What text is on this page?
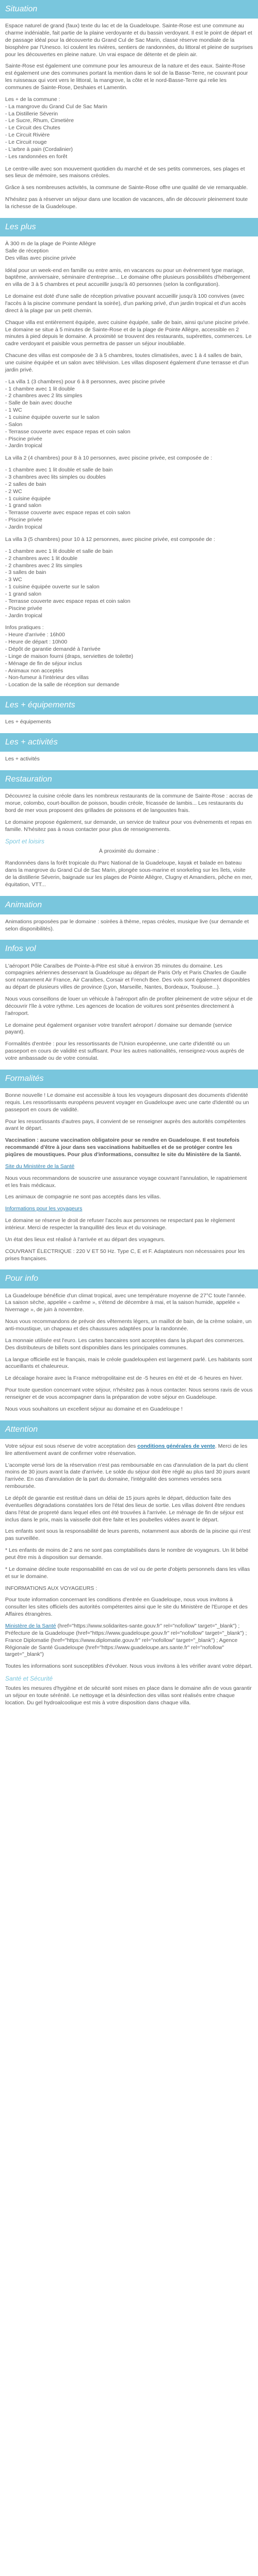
Situation

Espace naturel de grand (faux) texte du lac et de la Guadeloupe. Sainte-Rose est une commune au charme indéniable, fait partie de la plaine verdoyante et du bassin verdoyant. Il est le point de départ et de passage idéal pour la découverte du Grand Cul de Sac Marin, classé réserve mondiale de la biosphère par l'Unesco. Ici coulent les rivières, sentiers de randonnées, du littoral et pleine de surprises pour les découvertes en pleine nature. Un vrai espace de détente et de plein air.

Sainte-Rose est également une commune pour les amoureux de la nature et des eaux. Sainte-Rose est également une des communes portant la mention dans le sol de la Basse-Terre, ne couvrant pour les ruisseaux qui vont vers le littoral, la mangrove, la côte et le nord-Basse-Terre qui relie les communes de Sainte-Rose, Deshaies et Lamentin.

Les + de la commune :
- La mangrove du Grand Cul de Sac Marin
- La Distillerie Séverin
- Le Sucre, Rhum, Cimetière
- Le Circuit des Chutes
- Le Circuit Rivière
- Le Circuit rouge
- L'arbre à pain (Cordalinier)
- Les randonnées en forêt

Le centre-ville avec son mouvement quotidien du marché et de ses petits commerces, ses plages et ses lieux de mémoire, ses maisons créoles.

Grâce à ses nombreuses activités, la commune de Sainte-Rose offre une qualité de vie remarquable.

N'hésitez pas à réserver un séjour dans une location de vacances, afin de découvrir pleinement toute la richesse de la Guadeloupe.

Les plus
À 300 m de la plage de Pointe Allègre
Salle de réception
Des villas avec piscine privée

Idéal pour un week-end en famille ou entre amis, en vacances ou pour un évènement type mariage, baptême, anniversaire, séminaire d'entreprise... Le domaine offre plusieurs possibilités d'hébergement en villa de 3 à 5 chambres et peut accueillir jusqu'à 40 personnes (selon la configuration).

Le domaine est doté d'une salle de réception privative pouvant accueillir jusqu'à 100 convives (avec l'accès à la piscine commune pendant la soirée), d'un parking privé, d'un jardin tropical et d'un accès direct à la plage par un petit chemin.

Chaque villa est entièrement équipée, avec cuisine équipée, salle de bain, ainsi qu'une piscine privée. Le domaine se situe à 5 minutes de Sainte-Rose et de la plage de Pointe Allègre, accessible en 2 minutes à pied depuis le domaine. À proximité se trouvent des restaurants, supérettes, commerces. Le cadre verdoyant et paisible vous permettra de passer un séjour inoubliable.

Chacune des villas est composée de 3 à 5 chambres, toutes climatisées, avec 1 à 4 salles de bain, une cuisine équipée et un salon avec télévision. Les villas disposent également d'une terrasse et d'un jardin privé.

- La villa 1 (3 chambres) pour 6 à 8 personnes, avec piscine privée
- 1 chambre avec 1 lit double
- 2 chambres avec 2 lits simples
- Salle de bain avec douche
- 1 WC
- 1 cuisine équipée ouverte sur le salon
- Salon
- Terrasse couverte avec espace repas et coin salon
- Piscine privée
- Jardin tropical

La villa 2 (4 chambres) pour 8 à 10 personnes, avec piscine privée, est composée de :

- 1 chambre avec 1 lit double et salle de bain
- 3 chambres avec lits simples ou doubles
- 2 salles de bain
- 2 WC
- 1 cuisine équipée
- 1 grand salon
- Terrasse couverte avec espace repas et coin salon
- Piscine privée
- Jardin tropical

La villa 3 (5 chambres) pour 10 à 12 personnes, avec piscine privée, est composée de :

- 1 chambre avec 1 lit double et salle de bain
- 2 chambres avec 1 lit double
- 2 chambres avec 2 lits simples
- 3 salles de bain
- 3 WC
- 1 cuisine équipée ouverte sur le salon
- 1 grand salon
- Terrasse couverte avec espace repas et coin salon
- Piscine privée
- Jardin tropical
Infos pratiques :
- Heure d'arrivée : 16h00
- Heure de départ : 10h00
- Dépôt de garantie demandé à l'arrivée
- Linge de maison fourni (draps, serviettes de toilette)
- Ménage de fin de séjour inclus
- Animaux non acceptés
- Non-fumeur à l'intérieur des villas
- Location de la salle de réception sur demande
Les + équipements

Les + équipements

Les + activités

Les + activités

Restauration

Découvrez la cuisine créole dans les nombreux restaurants de la commune de Sainte-Rose : accras de morue, colombo, court-bouillon de poisson, boudin créole, fricassée de lambis... Les restaurants du bord de mer vous proposent des grillades de poissons et de langoustes frais.

Le domaine propose également, sur demande, un service de traiteur pour vos évènements et repas en famille. N'hésitez pas à nous contacter pour plus de renseignements.

Sport et loisirs

À proximité du domaine :

Randonnées dans la forêt tropicale du Parc National de la Guadeloupe, kayak et balade en bateau dans la mangrove du Grand Cul de Sac Marin, plongée sous-marine et snorkeling sur les îlets, visite de la distillerie Séverin, baignade sur les plages de Pointe Allègre, Clugny et Amandiers, pêche en mer, équitation, VTT...

Animation

Animations proposées par le domaine : soirées à thème, repas créoles, musique live (sur demande et selon disponibilités).

Infos vol

L'aéroport Pôle Caraïbes de Pointe-à-Pitre est situé à environ 35 minutes du domaine. Les compagnies aériennes desservant la Guadeloupe au départ de Paris Orly et Paris Charles de Gaulle sont notamment Air France, Air Caraïbes, Corsair et French Bee. Des vols sont également disponibles au départ de plusieurs villes de province (Lyon, Marseille, Nantes, Bordeaux, Toulouse...).

Nous vous conseillons de louer un véhicule à l'aéroport afin de profiter pleinement de votre séjour et de découvrir l'île à votre rythme. Les agences de location de voitures sont présentes directement à l'aéroport.

Le domaine peut également organiser votre transfert aéroport / domaine sur demande (service payant).

Formalités d'entrée : pour les ressortissants de l'Union européenne, une carte d'identité ou un passeport en cours de validité est suffisant. Pour les autres nationalités, renseignez-vous auprès de votre ambassade ou de votre consulat.

Formalités

Bonne nouvelle ! Le domaine est accessible à tous les voyageurs disposant des documents d'identité requis. Les ressortissants européens peuvent voyager en Guadeloupe avec une carte d'identité ou un passeport en cours de validité.

Pour les ressortissants d'autres pays, il convient de se renseigner auprès des autorités compétentes avant le départ.

Vaccination : aucune vaccination obligatoire pour se rendre en Guadeloupe. Il est toutefois recommandé d'être à jour dans ses vaccinations habituelles et de se protéger contre les piqûres de moustiques. Pour plus d'informations, consultez le site du Ministère de la Santé.

Site du Ministère de la Santé

Nous vous recommandons de souscrire une assurance voyage couvrant l'annulation, le rapatriement et les frais médicaux.

Les animaux de compagnie ne sont pas acceptés dans les villas.

Informations pour les voyageurs

Le domaine se réserve le droit de refuser l'accès aux personnes ne respectant pas le règlement intérieur. Merci de respecter la tranquillité des lieux et du voisinage.

Un état des lieux est réalisé à l'arrivée et au départ des voyageurs.

COUVRANT ÉLECTRIQUE : 220 V ET 50 Hz. Type C, E et F. Adaptateurs non nécessaires pour les prises françaises.

Pour info

La Guadeloupe bénéficie d'un climat tropical, avec une température moyenne de 27°C toute l'année. La saison sèche, appelée « carême », s'étend de décembre à mai, et la saison humide, appelée « hivernage », de juin à novembre.

Nous vous recommandons de prévoir des vêtements légers, un maillot de bain, de la crème solaire, un anti-moustique, un chapeau et des chaussures adaptées pour la randonnée.

La monnaie utilisée est l'euro. Les cartes bancaires sont acceptées dans la plupart des commerces. Des distributeurs de billets sont disponibles dans les principales communes.

La langue officielle est le français, mais le créole guadeloupéen est largement parlé. Les habitants sont accueillants et chaleureux.

Le décalage horaire avec la France métropolitaine est de -5 heures en été et de -6 heures en hiver.

Pour toute question concernant votre séjour, n'hésitez pas à nous contacter. Nous serons ravis de vous renseigner et de vous accompagner dans la préparation de votre séjour en Guadeloupe.

Nous vous souhaitons un excellent séjour au domaine et en Guadeloupe !

Attention

Votre séjour est sous réserve de votre acceptation des conditions générales de vente. Merci de les lire attentivement avant de confirmer votre réservation.

L'acompte versé lors de la réservation n'est pas remboursable en cas d'annulation de la part du client moins de 30 jours avant la date d'arrivée. Le solde du séjour doit être réglé au plus tard 30 jours avant l'arrivée. En cas d'annulation de la part du domaine, l'intégralité des sommes versées sera remboursée.

Le dépôt de garantie est restitué dans un délai de 15 jours après le départ, déduction faite des éventuelles dégradations constatées lors de l'état des lieux de sortie. Les villas doivent être rendues dans l'état de propreté dans lequel elles ont été trouvées à l'arrivée. Le ménage de fin de séjour est inclus dans le prix, mais la vaisselle doit être faite et les poubelles vidées avant le départ.

Les enfants sont sous la responsabilité de leurs parents, notamment aux abords de la piscine qui n'est pas surveillée.

* Les enfants de moins de 2 ans ne sont pas comptabilisés dans le nombre de voyageurs. Un lit bébé peut être mis à disposition sur demande.

* Le domaine décline toute responsabilité en cas de vol ou de perte d'objets personnels dans les villas et sur le domaine.

INFORMATIONS AUX VOYAGEURS :

Pour toute information concernant les conditions d'entrée en Guadeloupe, nous vous invitons à consulter les sites officiels des autorités compétentes ainsi que le site du Ministère de l'Europe et des Affaires étrangères.

Ministère de la Santé (href="https://www.solidarites-sante.gouv.fr" rel="nofollow" target="_blank") ; Préfecture de la Guadeloupe (href="https://www.guadeloupe.gouv.fr" rel="nofollow" target="_blank") ; France Diplomatie (href="https://www.diplomatie.gouv.fr" rel="nofollow" target="_blank") ; Agence Régionale de Santé Guadeloupe (href="https://www.guadeloupe.ars.sante.fr" rel="nofollow" target="_blank")

Toutes les informations sont susceptibles d'évoluer. Nous vous invitons à les vérifier avant votre départ.

Santé et Sécurité

Toutes les mesures d'hygiène et de sécurité sont mises en place dans le domaine afin de vous garantir un séjour en toute sérénité. Le nettoyage et la désinfection des villas sont réalisés entre chaque location. Du gel hydroalcoolique est mis à votre disposition dans chaque villa.
